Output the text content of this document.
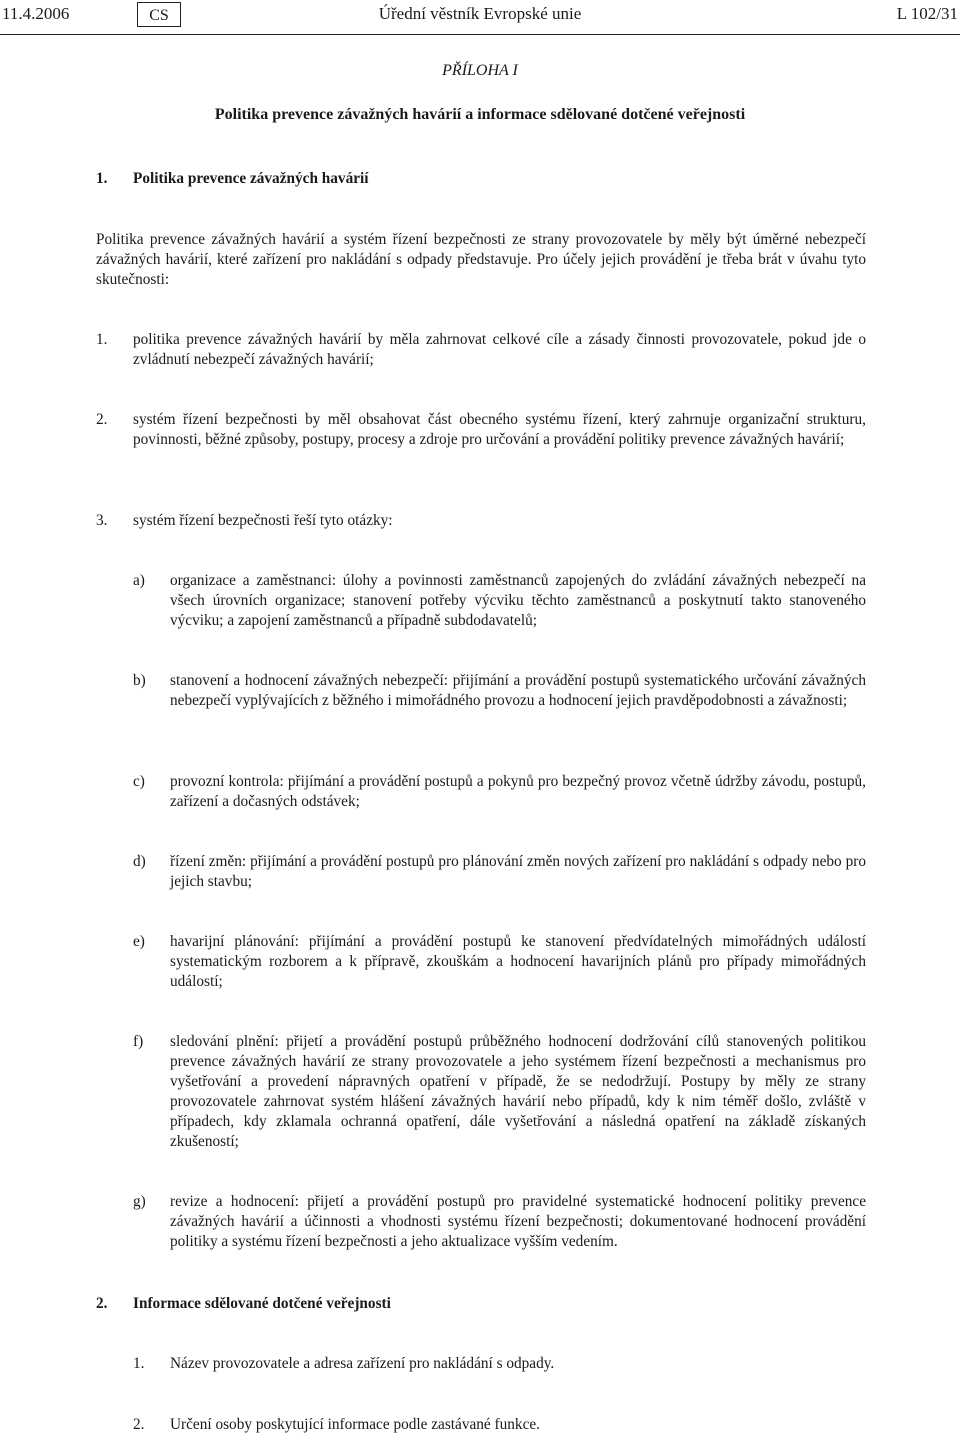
11.4.2006	CS	Úřední věstník Evropské unie	L 102/31
PŘÍLOHA I
Politika prevence závažných havárií a informace sdělované dotčené veřejnosti
1. Politika prevence závažných havárií
Politika prevence závažných havárií a systém řízení bezpečnosti ze strany provozovatele by měly být úměrné nebezpečí závažných havárií, které zařízení pro nakládání s odpady představuje. Pro účely jejich provádění je třeba brát v úvahu tyto skutečnosti:
1. politika prevence závažných havárií by měla zahrnovat celkové cíle a zásady činnosti provozovatele, pokud jde o zvládnutí nebezpečí závažných havárií;
2. systém řízení bezpečnosti by měl obsahovat část obecného systému řízení, který zahrnuje organizační strukturu, povinnosti, běžné způsoby, postupy, procesy a zdroje pro určování a provádění politiky prevence závažných havárií;
3. systém řízení bezpečnosti řeší tyto otázky:
a) organizace a zaměstnanci: úlohy a povinnosti zaměstnanců zapojených do zvládání závažných nebezpečí na všech úrovních organizace; stanovení potřeby výcviku těchto zaměstnanců a poskytnutí takto stanoveného výcviku; a zapojení zaměstnanců a případně subdodavatelů;
b) stanovení a hodnocení závažných nebezpečí: přijímání a provádění postupů systematického určování závažných nebezpečí vyplývajících z běžného i mimořádného provozu a hodnocení jejich pravděpodobnosti a závažnosti;
c) provozní kontrola: přijímání a provádění postupů a pokynů pro bezpečný provoz včetně údržby závodu, postupů, zařízení a dočasných odstávek;
d) řízení změn: přijímání a provádění postupů pro plánování změn nových zařízení pro nakládání s odpady nebo pro jejich stavbu;
e) havarijní plánování: přijímání a provádění postupů ke stanovení předvídatelných mimořádných událostí systematickým rozborem a k přípravě, zkouškám a hodnocení havarijních plánů pro případy mimořádných událostí;
f) sledování plnění: přijetí a provádění postupů průběžného hodnocení dodržování cílů stanovených politikou prevence závažných havárií ze strany provozovatele a jeho systémem řízení bezpečnosti a mechanismus pro vyšetřování a provedení nápravných opatření v případě, že se nedodržují. Postupy by měly ze strany provozovatele zahrnovat systém hlášení závažných havárií nebo případů, kdy k nim téměř došlo, zvláště v případech, kdy zklamala ochranná opatření, dále vyšetřování a následná opatření na základě získaných zkušeností;
g) revize a hodnocení: přijetí a provádění postupů pro pravidelné systematické hodnocení politiky prevence závažných havárií a účinnosti a vhodnosti systému řízení bezpečnosti; dokumentované hodnocení provádění politiky a systému řízení bezpečnosti a jeho aktualizace vyšším vedením.
2. Informace sdělované dotčené veřejnosti
1. Název provozovatele a adresa zařízení pro nakládání s odpady.
2. Určení osoby poskytující informace podle zastávané funkce.
